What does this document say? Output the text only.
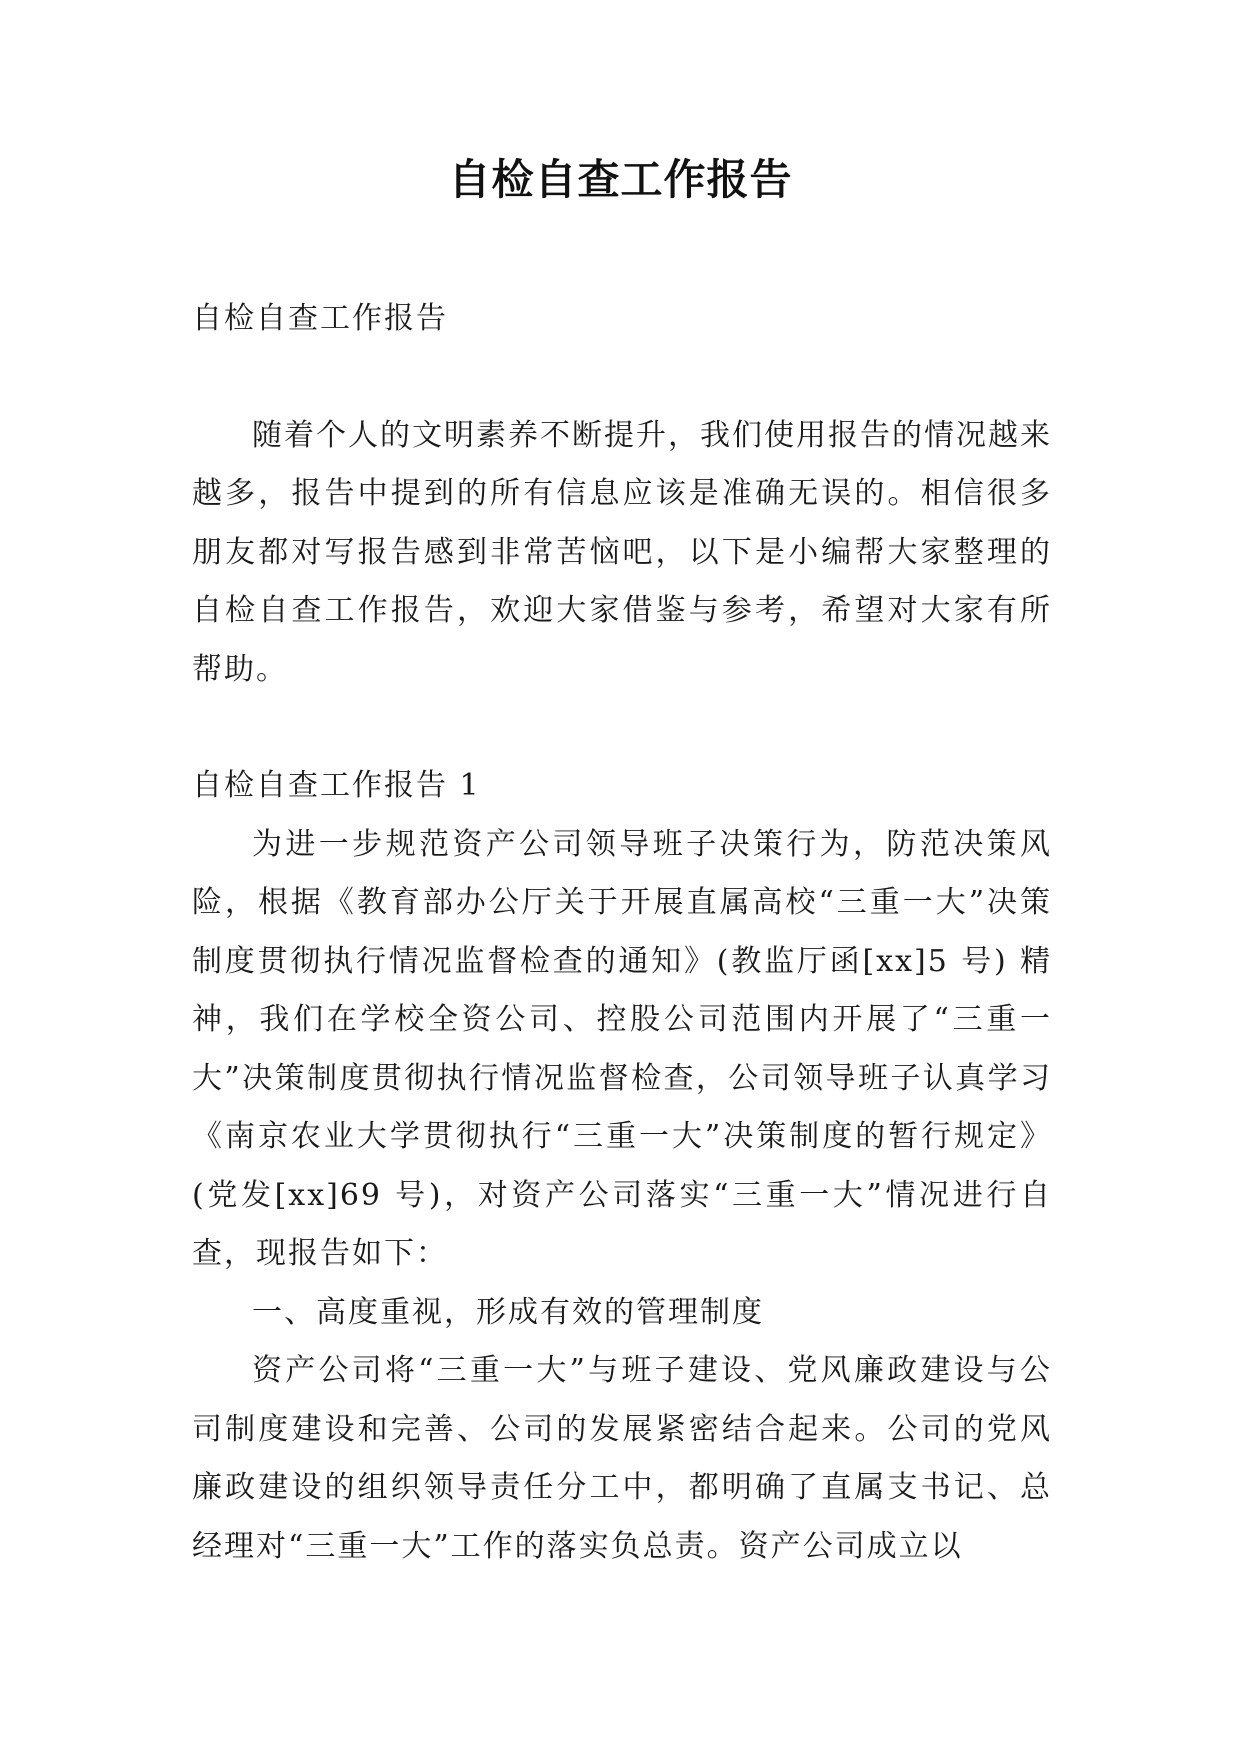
自检自查工作报告

自检自查工作报告

随着个人的文明素养不断提升，我们使用报告的情况越来越多，报告中提到的所有信息应该是准确无误的。相信很多朋友都对写报告感到非常苦恼吧，以下是小编帮大家整理的自检自查工作报告，欢迎大家借鉴与参考，希望对大家有所帮助。

自检自查工作报告 1

为进一步规范资产公司领导班子决策行为，防范决策风险，根据《教育部办公厅关于开展直属高校“三重一大”决策制度贯彻执行情况监督检查的通知》(教监厅函[xx]5 号) 精神，我们在学校全资公司、控股公司范围内开展了“三重一大”决策制度贯彻执行情况监督检查，公司领导班子认真学习《南京农业大学贯彻执行“三重一大”决策制度的暂行规定》(党发[xx]69 号)，对资产公司落实“三重一大”情况进行自查，现报告如下：

一、高度重视，形成有效的管理制度

资产公司将“三重一大”与班子建设、党风廉政建设与公司制度建设和完善、公司的发展紧密结合起来。公司的党风廉政建设的组织领导责任分工中，都明确了直属支书记、总经理对“三重一大”工作的落实负总责。资产公司成立以
